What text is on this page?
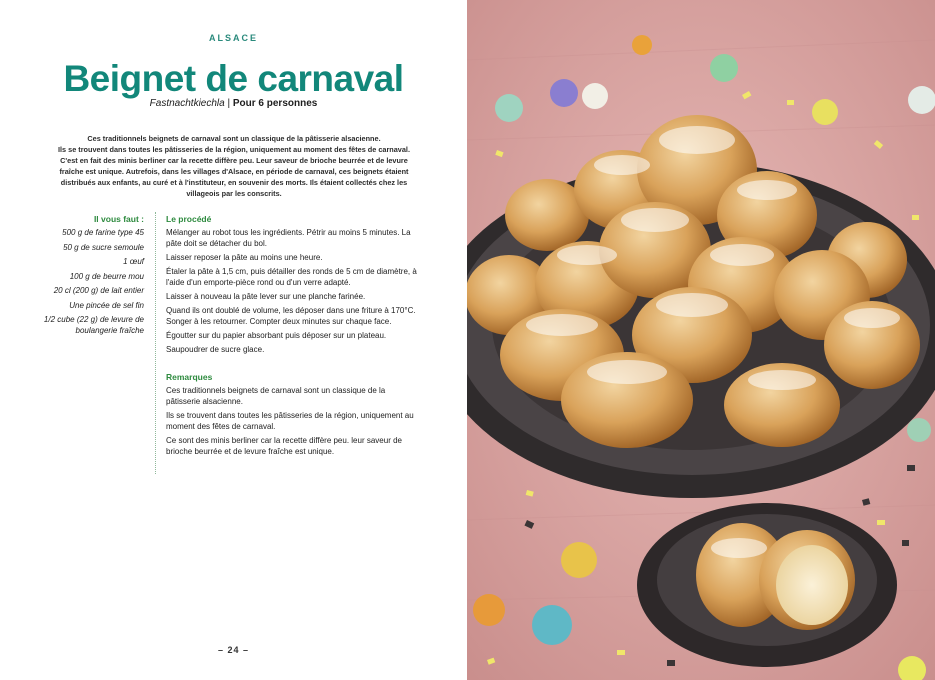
ALSACE
Beignet de carnaval
Fastnachtkiechla | Pour 6 personnes
Ces traditionnels beignets de carnaval sont un classique de la pâtisserie alsacienne.
Ils se trouvent dans toutes les pâtisseries de la région, uniquement au moment des fêtes de carnaval.
C'est en fait des minis berliner car la recette diffère peu. Leur saveur de brioche beurrée et de levure
fraîche est unique. Autrefois, dans les villages d'Alsace, en période de carnaval, ces beignets étaient
distribués aux enfants, au curé et à l'instituteur, en souvenir des morts. Ils étaient collectés chez les
villageois par les conscrits.
Il vous faut :
500 g de farine type 45
50 g de sucre semoule
1 œuf
100 g de beurre mou
20 cl (200 g) de lait entier
Une pincée de sel fin
1/2 cube (22 g) de levure de boulangerie fraîche
Le procédé

Mélanger au robot tous les ingrédients. Pétrir au moins 5 minutes. La pâte doit se détacher du bol.

Laisser reposer la pâte au moins une heure.

Étaler la pâte à 1,5 cm, puis détailler des ronds de 5 cm de diamètre, à l'aide d'un emporte-pièce rond ou d'un verre adapté.

Laisser à nouveau la pâte lever sur une planche farinée.

Quand ils ont doublé de volume, les déposer dans une friture à 170°C. Songer à les retourner. Compter deux minutes sur chaque face.

Égoutter sur du papier absorbant puis déposer sur un plateau.

Saupoudrer de sucre glace.

Remarques

Ces traditionnels beignets de carnaval sont un classique de la pâtisserie alsacienne.

Ils se trouvent dans toutes les pâtisseries de la région, uniquement au moment des fêtes de carnaval.

Ce sont des minis berliner car la recette diffère peu. leur saveur de brioche beurrée et de levure fraîche est unique.

– 24 –
